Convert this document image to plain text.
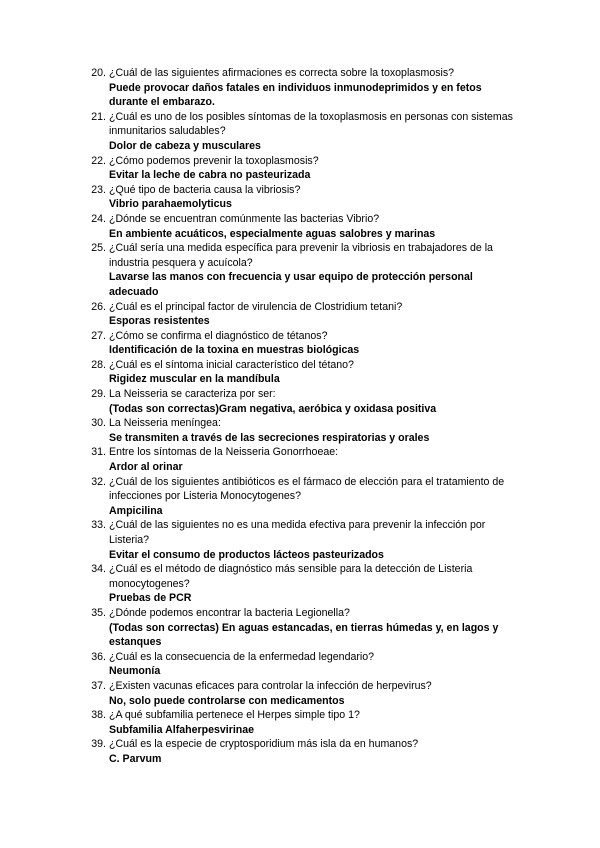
20. ¿Cuál de las siguientes afirmaciones es correcta sobre la toxoplasmosis?
Puede provocar daños fatales en individuos inmunodeprimidos y en fetos durante el embarazo.
21. ¿Cuál es uno de los posibles síntomas de la toxoplasmosis en personas con sistemas inmunitarios saludables?
Dolor de cabeza y musculares
22. ¿Cómo podemos prevenir la toxoplasmosis?
Evitar la leche de cabra no pasteurizada
23. ¿Qué tipo de bacteria causa la vibriosis?
Vibrio parahaemolyticus
24. ¿Dónde se encuentran comúnmente las bacterias Vibrio?
En ambiente acuáticos, especialmente aguas salobres y marinas
25. ¿Cuál sería una medida específica para prevenir la vibriosis en trabajadores de la industria pesquera y acuícola?
Lavarse las manos con frecuencia y usar equipo de protección personal adecuado
26. ¿Cuál es el principal factor de virulencia de Clostridium tetani?
Esporas resistentes
27. ¿Cómo se confirma el diagnóstico de tétanos?
Identificación de la toxina en muestras biológicas
28. ¿Cuál es el síntoma inicial característico del tétano?
Rigidez muscular en la mandíbula
29. La Neisseria se caracteriza por ser:
(Todas son correctas)Gram negativa, aeróbica y oxidasa positiva
30. La Neisseria meníngea:
Se transmiten a través de las secreciones respiratorias y orales
31. Entre los síntomas de la Neisseria Gonorrhoeae:
Ardor al orinar
32. ¿Cuál de los siguientes antibióticos es el fármaco de elección para el tratamiento de infecciones por Listeria Monocytogenes?
Ampicilina
33. ¿Cuál de las siguientes no es una medida efectiva para prevenir la infección por Listeria?
Evitar el consumo de productos lácteos pasteurizados
34. ¿Cuál es el método de diagnóstico más sensible para la detección de Listeria monocytogenes?
Pruebas de PCR
35. ¿Dónde podemos encontrar la bacteria Legionella?
(Todas son correctas) En aguas estancadas, en tierras húmedas y, en lagos y estanques
36. ¿Cuál es la consecuencia de la enfermedad legendario?
Neumonía
37. ¿Existen vacunas eficaces para controlar la infección de herpevirus?
No, solo puede controlarse con medicamentos
38. ¿A qué subfamilia pertenece el Herpes simple tipo 1?
Subfamilia Alfaherpesvirinae
39. ¿Cuál es la especie de cryptosporidium más isla da en humanos?
C. Parvum
